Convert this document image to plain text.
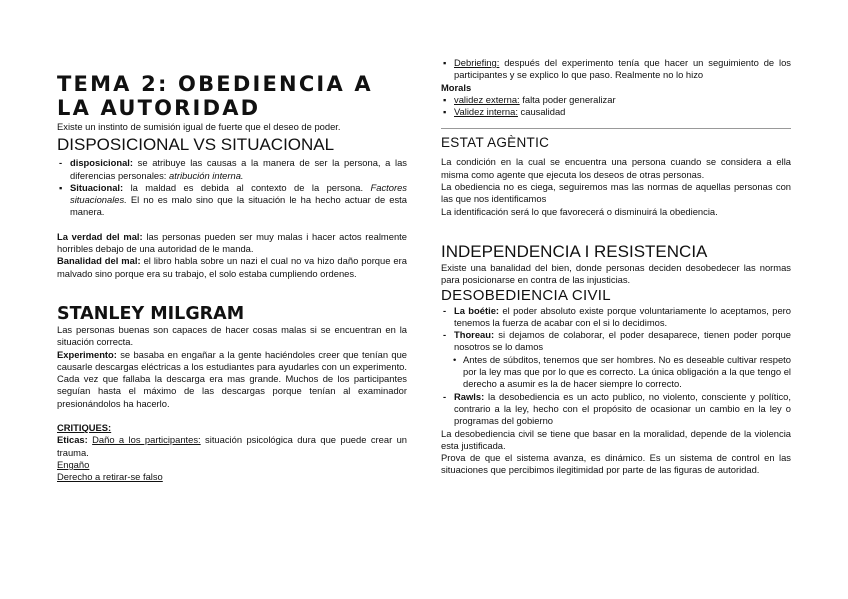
TEMA 2: OBEDIENCIA A LA AUTORIDAD

Existe un instinto de sumisión igual de fuerte que el deseo de poder.

DISPOSICIONAL VS SITUACIONAL
- disposicional: se atribuye las causas a la manera de ser la persona, a las diferencias personales: atribución interna.
▪ Situacional: la maldad es debida al contexto de la persona. Factores situacionales. El no es malo sino que la situación le ha hecho actuar de esta manera.

La verdad del mal: las personas pueden ser muy malas i hacer actos realmente horribles debajo de una autoridad de le manda.

Banalidad del mal: el libro habla sobre un nazi el cual no va hizo daño porque era malvado sino porque era su trabajo, el solo estaba cumpliendo ordenes.

STANLEY MILGRAM

Las personas buenas son capaces de hacer cosas malas si se encuentran en la situación correcta.

Experimento: se basaba en engañar a la gente haciéndoles creer que tenían que causarle descargas eléctricas a los estudiantes para ayudarles con un experimento. Cada vez que fallaba la descarga era mas grande. Muchos de los participantes seguían hasta el máximo de las descargas porque tenían al examinador presionándolos ha hacerlo.

CRITIQUES:

Eticas: Daño a los participantes: situación psicológica dura que puede crear un trauma.

Engaño

Derecho a retirar-se falso

▪ Debriefing: después del experimento tenía que hacer un seguimiento de los participantes y se explico lo que paso. Realmente no lo hizo

Morals

▪ validez externa: falta poder generalizar
▪ Validez interna: causalidad
ESTAT AGÈNTIC

La condición en la cual se encuentra una persona cuando se considera a ella misma como agente que ejecuta los deseos de otras personas.

La obediencia no es ciega, seguiremos mas las normas de aquellas personas con las que nos identificamos

La identificación será lo que favorecerá o disminuirá la obediencia.

INDEPENDENCIA I RESISTENCIA

Existe una banalidad del bien, donde personas deciden desobedecer las normas para posicionarse en contra de las injusticias.

DESOBEDIENCIA CIVIL
- La boétie: el poder absoluto existe porque voluntariamente lo aceptamos, pero tenemos la fuerza de acabar con el si lo decidimos.
- Thoreau: si dejamos de colaborar, el poder desaparece, tienen poder porque nosotros se lo damos
• Antes de súbditos, tenemos que ser hombres. No es deseable cultivar respeto por la ley mas que por lo que es correcto. La única obligación a la que tengo el derecho a asumir es la de hacer siempre lo correcto.
- Rawls: la desobediencia es un acto publico, no violento, consciente y político, contrario a la ley, hecho con el propósito de ocasionar un cambio en la ley o programas del gobierno

La desobediencia civil se tiene que basar en la moralidad, depende de la violencia esta justificada.

Prova de que el sistema avanza, es dinámico. Es un sistema de control en las situaciones que percibimos ilegitimidad por parte de las figuras de autoridad.
